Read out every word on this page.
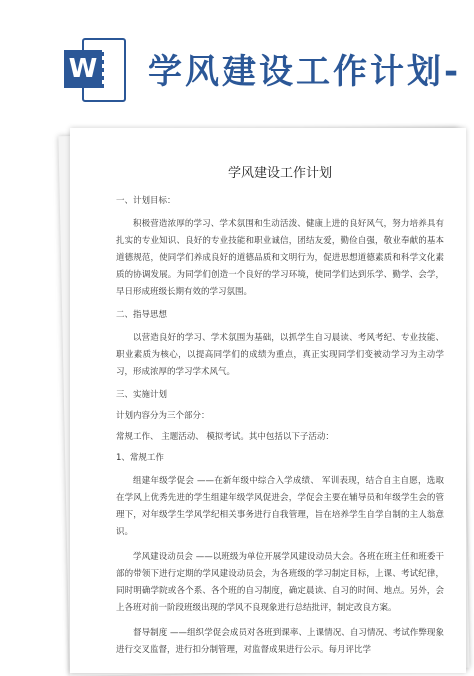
W 学风建设工作计划-
学风建设工作计划
一、计划目标：
积极营造浓厚的学习、学术氛围和生动活泼、健康上进的良好风气，努力培养具有扎实的专业知识、良好的专业技能和职业诚信，团结友爱，勤俭自强，敬业奉献的基本道德规范，使同学们养成良好的道德品质和文明行为，促进思想道德素质和科学文化素质的协调发展。为同学们创造一个良好的学习环境，使同学们达到乐学、勤学、会学，早日形成班级长期有效的学习氛围。
二、指导思想
以营造良好的学习、学术氛围为基础，以抓学生自习晨读、考风考纪、专业技能、职业素质为核心，以提高同学们的成绩为重点，真正实现同学们变被动学习为主动学习，形成浓厚的学习学术风气。
三、实施计划
计划内容分为三个部分：
常规工作、 主题活动、 模拟考试。其中包括以下子活动：
1、常规工作
组建年级学促会 ——在新年级中综合入学成绩、 军训表现，结合自主自愿，选取在学风上优秀先进的学生组建年级学风促进会，学促会主要在辅导员和年级学生会的管理下，对年级学生学风学纪相关事务进行自我管理，旨在培养学生自学自制的主人翁意识。
学风建设动员会 ——以班级为单位开展学风建设动员大会。各班在班主任和班委干部的带领下进行定期的学风建设动员会，为各班级的学习制定目标，上课、考试纪律，同时明确学院或各个系、各个班的自习制度，确定晨读、自习的时间、地点。另外，会上各班对前一阶段班级出现的学风不良现象进行总结批评，制定改良方案。
督导制度 ——组织学促会成员对各班到课率、上课情况、自习情况、考试作弊现象进行交叉监督，进行扣分制管理，对监督成果进行公示。每月评比学
